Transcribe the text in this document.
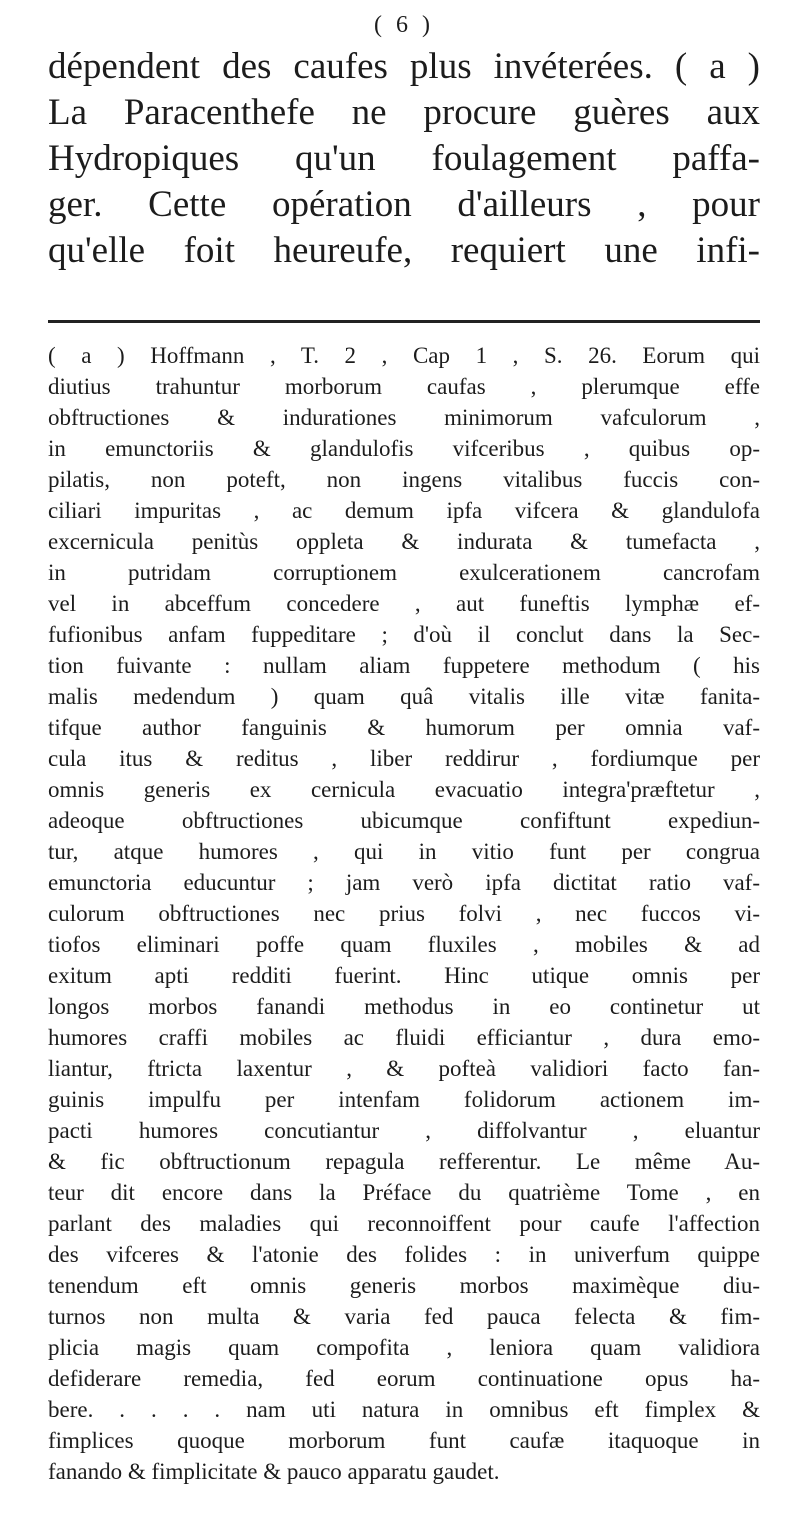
( 6 )
dépendent des caufes plus invéterées. ( a )
La Paracenthefe ne procure guères aux
Hydropiques qu'un foulagement paffa-
ger. Cette opération d'ailleurs , pour
qu'elle foit heureufe, requiert une infi-
( a ) Hoffmann , T. 2 , Cap 1 , S. 26. Eorum qui
diutius trahuntur morborum caufas , plerumque effe
obftructiones & indurationes minimorum vafculorum ,
in emunctoriis & glandulofis vifceribus , quibus op-
pilatis, non poteft, non ingens vitalibus fuccis con-
ciliari impuritas , ac demum ipfa vifcera & glandulofa
excernicula penitùs oppleta & indurata & tumefacta ,
in putridam corruptionem exulcerationem cancrofam
vel in abceffum concedere , aut funeftis lymphæ ef-
fufionibus anfam fuppeditare ; d'où il conclut dans la Sec-
tion fuivante : nullam aliam fuppetere methodum ( his
malis medendum ) quam quâ vitalis ille vitæ fanita-
tifque author fanguinis & humorum per omnia vaf-
cula itus & reditus , liber reddirur , fordiumque per
omnis generis ex cernicula evacuatio integra'præftetur ,
adeoque obftructiones ubicumque confiftunt expediun-
tur, atque humores , qui in vitio funt per congrua
emunctoria educuntur ; jam verò ipfa dictitat ratio vaf-
culorum obftructiones nec prius folvi , nec fuccos vi-
tiofos eliminari poffe quam fluxiles , mobiles & ad
exitum apti redditi fuerint. Hinc utique omnis per
longos morbos fanandi methodus in eo continetur ut
humores craffi mobiles ac fluidi efficiantur , dura emo-
liantur, ftricta laxentur , & pofteà validiori facto fan-
guinis impulfu per intenfam folidorum actionem im-
pacti humores concutiantur , diffolvantur , eluantur
& fic obftructionum repagula refferentur. Le même Au-
teur dit encore dans la Préface du quatrième Tome , en
parlant des maladies qui reconnoiffent pour caufe l'affection
des vifceres & l'atonie des folides : in univerfum quippe
tenendum eft omnis generis morbos maximèque diu-
turnos non multa & varia fed pauca felecta & fim-
plicia magis quam compofita , leniora quam validiora
defiderare remedia, fed eorum continuatione opus ha-
bere. . . . . nam uti natura in omnibus eft fimplex &
fimplices quoque morborum funt caufæ itaquoque in
fanando & fimplicitate & pauco apparatu gaudet.
